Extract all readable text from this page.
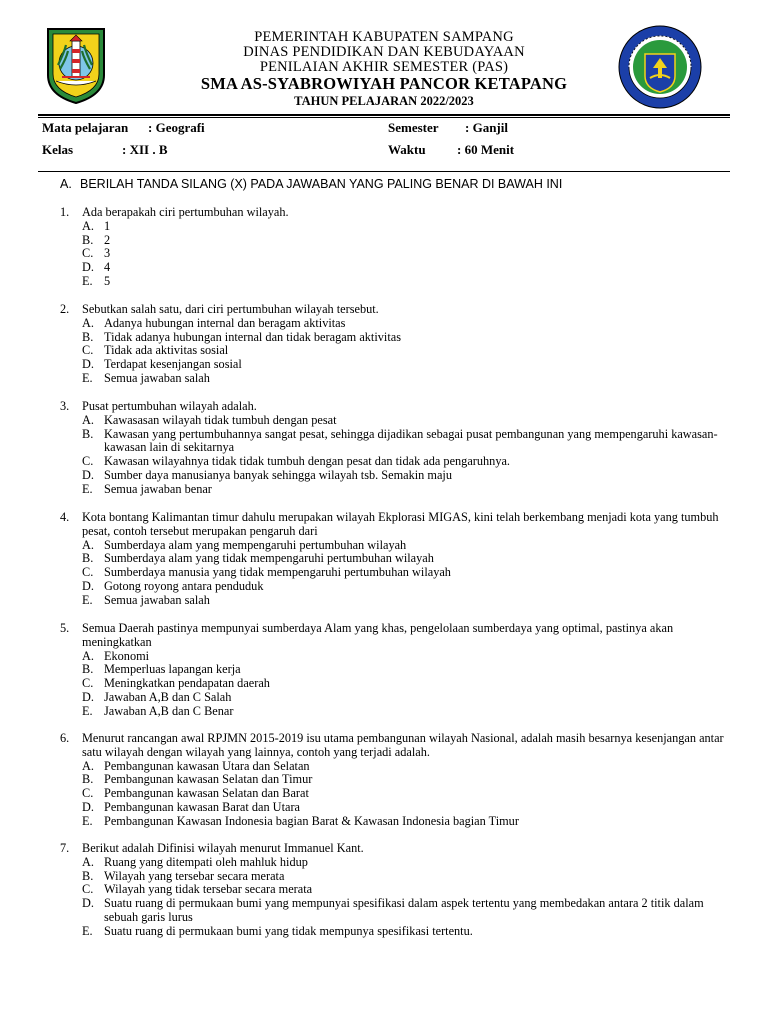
PEMERINTAH KABUPATEN SAMPANG
DINAS PENDIDIKAN DAN KEBUDAYAAN
PENILAIAN AKHIR SEMESTER (PAS)
SMA AS-SYABROWIYAH PANCOR KETAPANG
TAHUN PELAJARAN 2022/2023
Mata pelajaran : Geografi	Semester : Ganjil
Kelas	: XII . B	Waktu : 60 Menit
A. BERILAH TANDA SILANG (X) PADA JAWABAN YANG PALING BENAR DI BAWAH INI
1.	Ada berapakah ciri pertumbuhan wilayah.
A. 1
B. 2
C. 3
D. 4
E. 5
2.	Sebutkan salah satu, dari ciri pertumbuhan wilayah tersebut.
A. Adanya hubungan internal dan beragam aktivitas
B. Tidak adanya hubungan internal dan tidak beragam aktivitas
C. Tidak ada aktivitas sosial
D. Terdapat kesenjangan sosial
E. Semua jawaban salah
3.	Pusat pertumbuhan wilayah adalah.
A. Kawasasan wilayah tidak tumbuh dengan pesat
B. Kawasan yang pertumbuhannya sangat pesat, sehingga dijadikan sebagai pusat pembangunan yang mempengaruhi kawasan-kawasan lain di sekitarnya
C. Kawasan wilayahnya tidak tidak tumbuh dengan pesat dan tidak ada pengaruhnya.
D. Sumber daya manusianya banyak sehingga wilayah tsb. Semakin maju
E. Semua jawaban benar
4.	Kota bontang Kalimantan timur dahulu merupakan wilayah Ekplorasi MIGAS, kini telah berkembang menjadi kota yang tumbuh pesat, contoh tersebut merupakan pengaruh dari
A. Sumberdaya alam yang mempengaruhi pertumbuhan wilayah
B. Sumberdaya alam yang tidak mempengaruhi pertumbuhan wilayah
C. Sumberdaya manusia yang tidak mempengaruhi pertumbuhan wilayah
D. Gotong royong antara penduduk
E. Semua jawaban salah
5.	Semua Daerah pastinya mempunyai sumberdaya Alam yang khas, pengelolaan sumberdaya yang optimal, pastinya akan meningkatkan
A. Ekonomi
B. Memperluas lapangan kerja
C. Meningkatkan pendapatan daerah
D. Jawaban A,B dan C Salah
E. Jawaban A,B dan C Benar
6.	Menurut rancangan awal RPJMN 2015-2019 isu utama pembangunan wilayah Nasional, adalah masih besarnya kesenjangan antar satu wilayah dengan wilayah yang lainnya, contoh yang terjadi adalah.
A. Pembangunan kawasan Utara dan Selatan
B. Pembangunan kawasan Selatan dan Timur
C. Pembangunan kawasan Selatan dan Barat
D. Pembangunan kawasan Barat dan Utara
E. Pembangunan Kawasan Indonesia bagian Barat & Kawasan Indonesia bagian Timur
7.	Berikut adalah Difinisi wilayah menurut Immanuel Kant.
A. Ruang yang ditempati oleh mahluk hidup
B. Wilayah yang tersebar secara merata
C. Wilayah yang tidak tersebar secara merata
D. Suatu ruang di permukaan bumi yang mempunyai spesifikasi dalam aspek tertentu yang membedakan antara 2 titik dalam sebuah garis lurus
E. Suatu ruang di permukaan bumi yang tidak mempunya spesifikasi tertentu.
